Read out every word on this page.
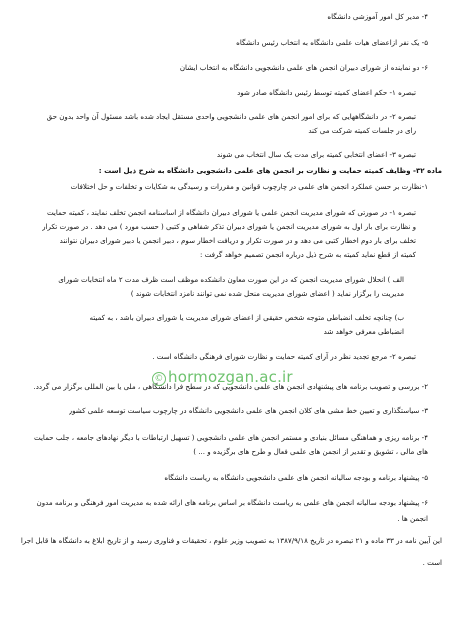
۴- مدیر کل امور آموزشی دانشگاه
۵- یک نفر ازاعضای هیات علمی دانشگاه به انتخاب رئیس دانشگاه
۶- دو نماینده از شورای دبیران انجمن های علمی دانشجویی دانشگاه به انتخاب ایشان
تبصره ۱- حکم اعضای کمیته توسط رئیس دانشگاه صادر شود
تبصره ۲- در دانشگاههایی که برای امور انجمن های علمی دانشجویی واحدی مستقل ایجاد شده باشد مسئول آن واحد بدون حق
رای در جلسات کمیته شرکت می کند
تبصره ۳- اعضای انتخابی کمیته برای مدت یک سال انتخاب می شوند
ماده ۳۲- وظایف کمیته حمایت و نظارت بر انجمن های علمی دانشجویی دانشگاه به شرح ذیل است :
۱-نظارت بر حسن عملکرد انجمن های علمی در چارچوب قوانین و مقررات و رسیدگی به شکایات و تخلفات و حل اختلافات
تبصره ۱- در صورتی که شورای مدیریت انجمن علمی یا شورای دبیران دانشگاه از اساسنامه انجمن تخلف نمایند ، کمیته حمایت
و نظارت برای بار اول به شورای مدیریت انجمن یا شورای دبیران تذکر شفاهی و کتبی ( حسب مورد ) می دهد . در صورت تکرار
تخلف برای بار دوم اخطار کتبی می دهد و در صورت تکرار و دریافت اخطار سوم ، دبیر انجمن یا دبیر شورای دبیران نتوانند
کمیته از قطع نماید کمیته به شرح ذیل درباره انجمن تصمیم خواهد گرفت :
الف ) انحلال شورای مدیریت انجمن که در این صورت معاون دانشکده موظف است ظرف مدت ۲ ماه انتخابات شورای
مدیریت را برگزار نماید ( اعضای شورای مدیریت منحل شده نمی توانند نامزد انتخابات شوند )
ب) چنانچه تخلف انضباطی متوجه شخص حقیقی از اعضای شورای مدیریت یا شورای دبیران باشد ، به کمیته
انضباطی معرفی خواهد شد
تبصره ۲- مرجع تجدید نظر در آرای کمیته حمایت و نظارت شورای فرهنگی دانشگاه است .
۲- بررسی و تصویب برنامه های پیشنهادی انجمن های علمی دانشجویی که در سطح فرا دانشگاهی ، ملی یا بین المللی برگزار می گردد.
۳- سیاستگذاری و تعیین خط مشی های کلان انجمن های علمی دانشجویی دانشگاه در چارچوب سیاست توسعه علمی کشور
۴- برنامه ریزی و هماهنگی مسائل بنیادی و مستمر انجمن های علمی دانشجویی ( تسهیل ارتباطات با دیگر نهادهای جامعه ، جلب حمایت
های مالی ، تشویق و تقدیر از انجمن های علمی فعال و طرح های برگزیده و ... )
۵- پیشنهاد برنامه و بودجه سالیانه انجمن های علمی دانشجویی دانشگاه به ریاست دانشگاه
۶- پیشنهاد بودجه سالیانه انجمن های علمی به ریاست دانشگاه بر اساس برنامه های ارائه شده به مدیریت امور فرهنگی و برنامه مدون
انجمن ها .
این آیین نامه در ۳۳ ماده و ۲۱ تبصره در تاریخ ۱۳۸۷/۹/۱۸ به تصویب وزیر علوم ، تحقیقات و فناوری رسید و از تاریخ ابلاغ به دانشگاه ها قابل اجرا
است .
© hormozgan.ac.ir
